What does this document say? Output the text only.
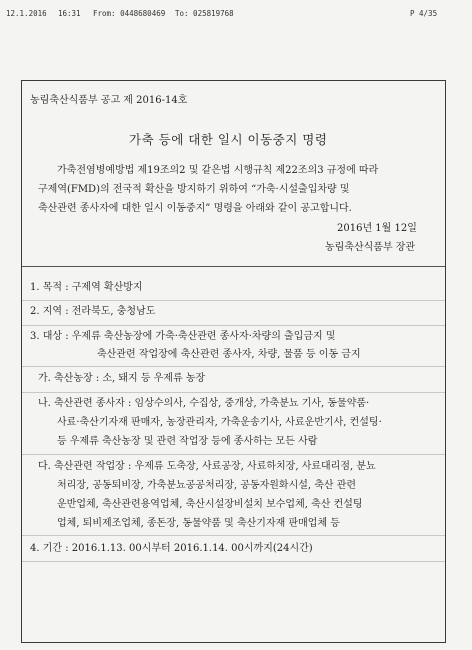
12.1.2016 16:31 From: 0448680469 To: 025819768	P 4/35
농림축산식품부 공고 제 2016-14호
가축 등에 대한 일시 이동중지 명령
가축전염병예방법 제19조의2 및 같은법 시행규칙 제22조의3 규정에 따라
구제역(FMD)의 전국적 확산을 방지하기 위하여 “가축·시설출입차량 및
축산관련 종사자에 대한 일시 이동중지” 명령을 아래와 같이 공고합니다.
2016년 1월 12일
농림축산식품부 장관
1. 목적 : 구제역 확산방지
2. 지역 : 전라북도, 충청남도
3. 대상 : 우제류 축산농장에 가축·축산관련 종사자·차량의 출입금지 및
축산관련 작업장에 축산관련 종사자, 차량, 물품 등 이동 금지
가. 축산농장 : 소, 돼지 등 우제류 농장
나. 축산관련 종사자 : 임상수의사, 수집상, 중개상, 가축분뇨 기사, 동물약품·
사료·축산기자재 판매자, 농장관리자, 가축운송기사, 사료운반기사, 컨설팅·
등 우제류 축산농장 및 관련 작업장 등에 종사하는 모든 사람
다. 축산관련 작업장 : 우제류 도축장, 사료공장, 사료하치장, 사료대리점, 분뇨
처리장, 공동퇴비장, 가축분뇨공공처리장, 공동자원화시설, 축산 관련
운반업체, 축산관련용역업체, 축산시설장비설치 보수업체, 축산 컨설팅
업체, 퇴비제조업체, 종돈장, 동물약품 및 축산기자재 판매업체 등
4. 기간 : 2016.1.13. 00시부터 2016.1.14. 00시까지(24시간)
